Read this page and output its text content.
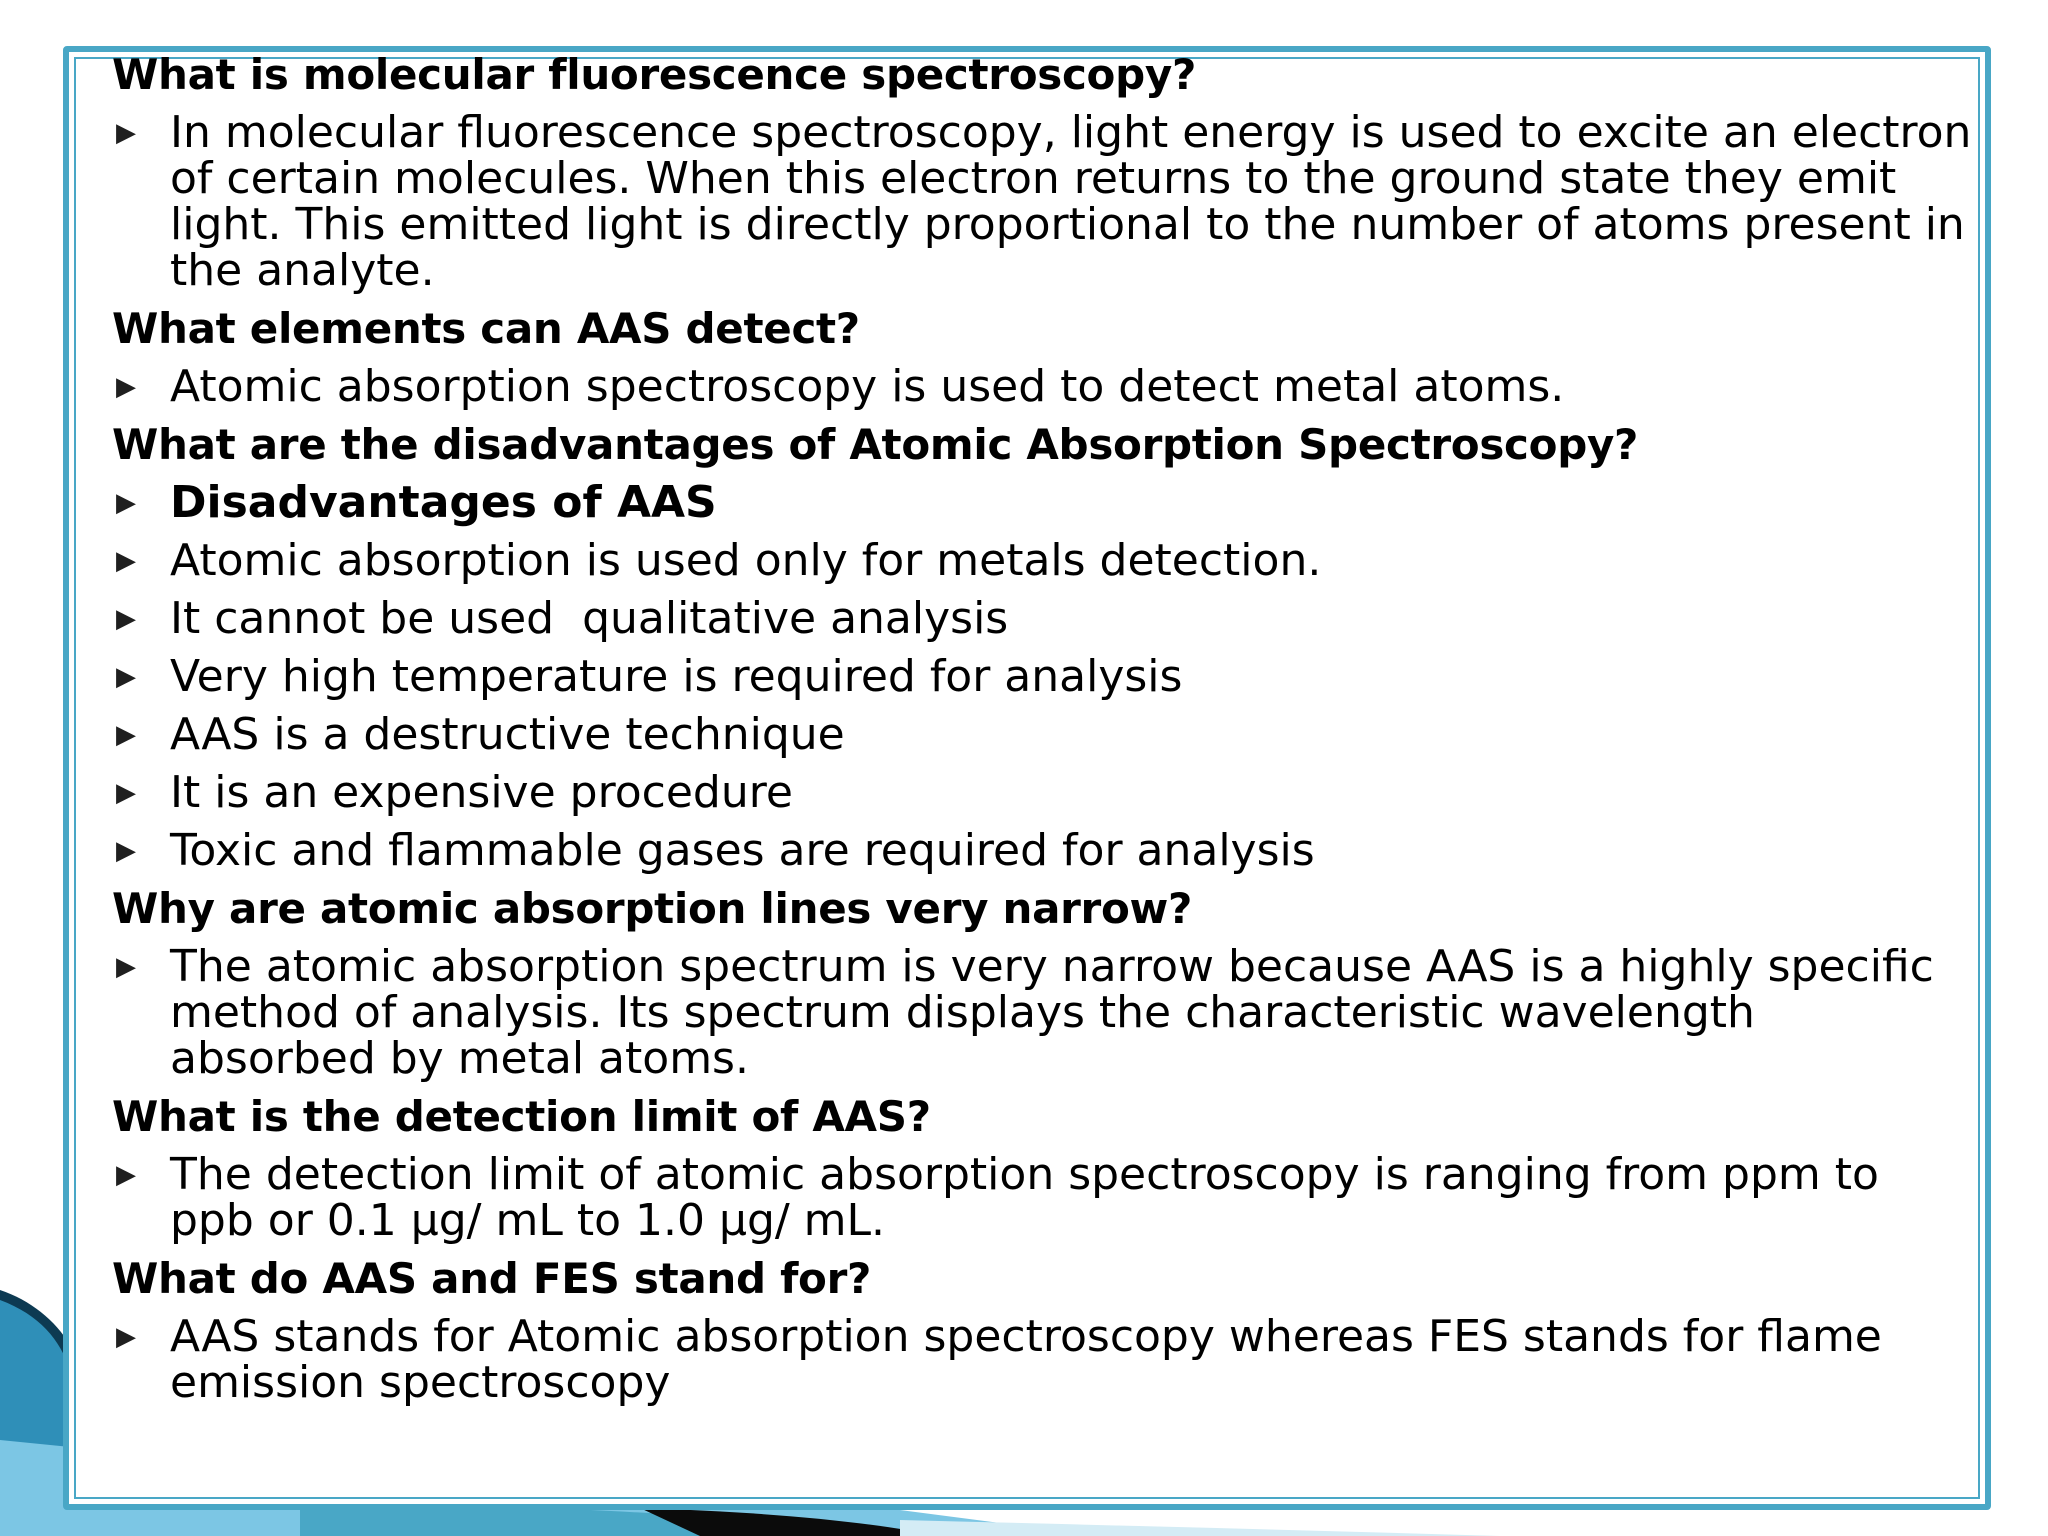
What is molecular fluorescence spectroscopy?

▶ In molecular fluorescence spectroscopy, light energy is used to excite an electron of certain molecules. When this electron returns to the ground state they emit light. This emitted light is directly proportional to the number of atoms present in the analyte.

What elements can AAS detect?

▶ Atomic absorption spectroscopy is used to detect metal atoms.

What are the disadvantages of Atomic Absorption Spectroscopy?

▶ Disadvantages of AAS
▶ Atomic absorption is used only for metals detection.
▶ It cannot be used  qualitative analysis
▶ Very high temperature is required for analysis
▶ AAS is a destructive technique
▶ It is an expensive procedure
▶ Toxic and flammable gases are required for analysis

Why are atomic absorption lines very narrow?

▶ The atomic absorption spectrum is very narrow because AAS is a highly specific method of analysis. Its spectrum displays the characteristic wavelength absorbed by metal atoms.

What is the detection limit of AAS?

▶ The detection limit of atomic absorption spectroscopy is ranging from ppm to ppb or 0.1 µg/ mL to 1.0 µg/ mL.

What do AAS and FES stand for?

▶ AAS stands for Atomic absorption spectroscopy whereas FES stands for flame emission spectroscopy
